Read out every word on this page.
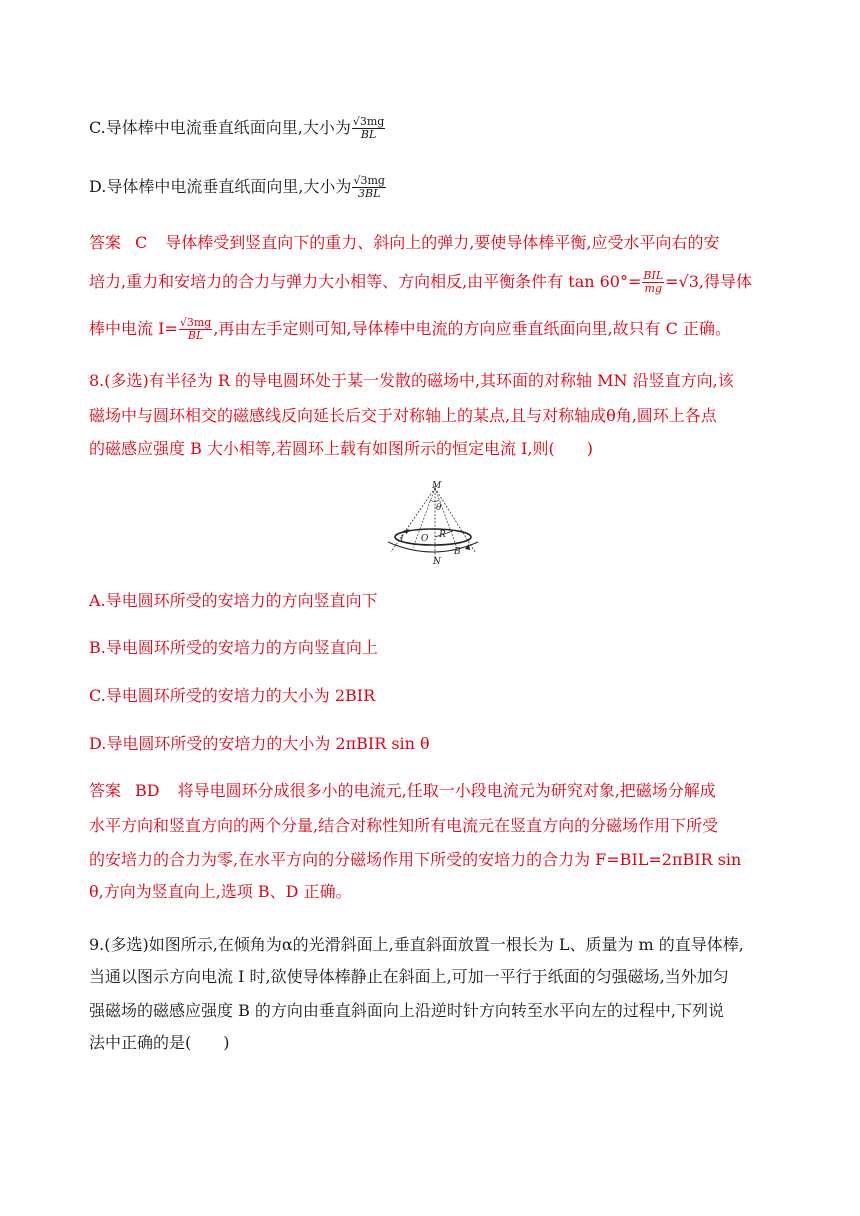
C.导体棒中电流垂直纸面向里,大小为 $\frac{√3mg}{BL}$
D.导体棒中电流垂直纸面向里,大小为 $\frac{√3mg}{3BL}$
答案 C 导体棒受到竖直向下的重力、斜向上的弹力,要使导体棒平衡,应受水平向右的安
培力,重力和安培力的合力与弹力大小相等、方向相反,由平衡条件有 $\tan 60^\circ= \frac{\text{BIL}}{mg} =√3$,得导体
棒中电流 $I= \frac{√3mg}{BL}$ ,再由左手定则可知,导体棒中电流的方向应垂直纸面向里,故只有 C 正确。
8.(多选)有半径为 R 的导电圆环处于某一发散的磁场中,其环面的对称轴 MN 沿竖直方向,该
磁场中与圆环相交的磁感线反向延长后交于对称轴上的某点,且与对称轴成θ角,圆环上各点
的磁感应强度 B 大小相等,若圆环上载有如图所示的恒定电流 I,则(　　)
M
θ
I O R
B
N
A.导电圆环所受的安培力的方向竖直向下
B.导电圆环所受的安培力的方向竖直向上
C.导电圆环所受的安培力的大小为 2BIR
D.导电圆环所受的安培力的大小为 2πBIR sin θ
答案 BD 将导电圆环分成很多小的电流元,任取一小段电流元为研究对象,把磁场分解成
水平方向和竖直方向的两个分量,结合对称性知所有电流元在竖直方向的分磁场作用下所受
的安培力的合力为零,在水平方向的分磁场作用下所受的安培力的合力为 F=BIL=2πBIR sin
θ,方向为竖直向上,选项 B、D 正确。
9.(多选)如图所示,在倾角为α的光滑斜面上,垂直斜面放置一根长为 L、质量为 m 的直导体棒,
当通以图示方向电流 I 时,欲使导体棒静止在斜面上,可加一平行于纸面的匀强磁场,当外加匀
强磁场的磁感应强度 B 的方向由垂直斜面向上沿逆时针方向转至水平向左的过程中,下列说
法中正确的是(　　)
